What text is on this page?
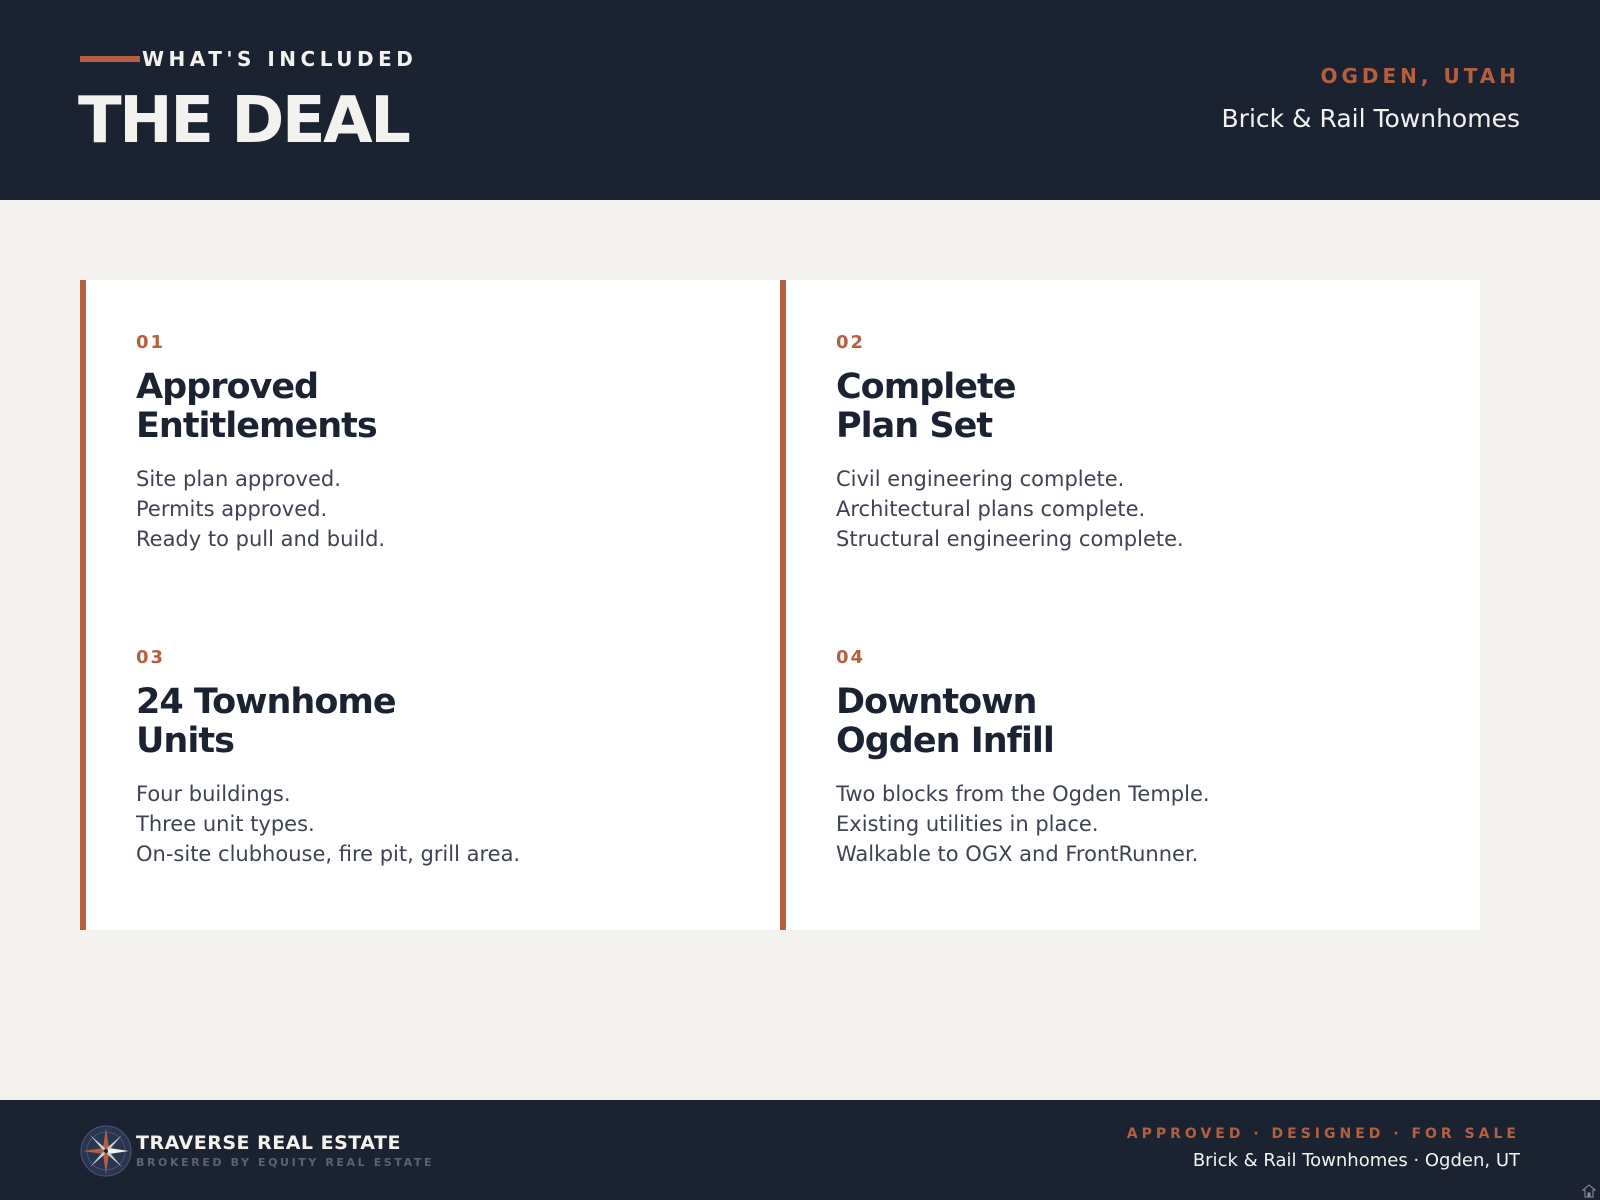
WHAT'S INCLUDED
THE DEAL
OGDEN, UTAH
Brick & Rail Townhomes
01
Approved
Entitlements
Site plan approved.
Permits approved.
Ready to pull and build.
02
Complete
Plan Set
Civil engineering complete.
Architectural plans complete.
Structural engineering complete.
03
24 Townhome
Units
Four buildings.
Three unit types.
On-site clubhouse, fire pit, grill area.
04
Downtown
Ogden Infill
Two blocks from the Ogden Temple.
Existing utilities in place.
Walkable to OGX and FrontRunner.
TRAVERSE REAL ESTATE
BROKERED BY EQUITY REAL ESTATE
APPROVED · DESIGNED · FOR SALE
Brick & Rail Townhomes · Ogden, UT
